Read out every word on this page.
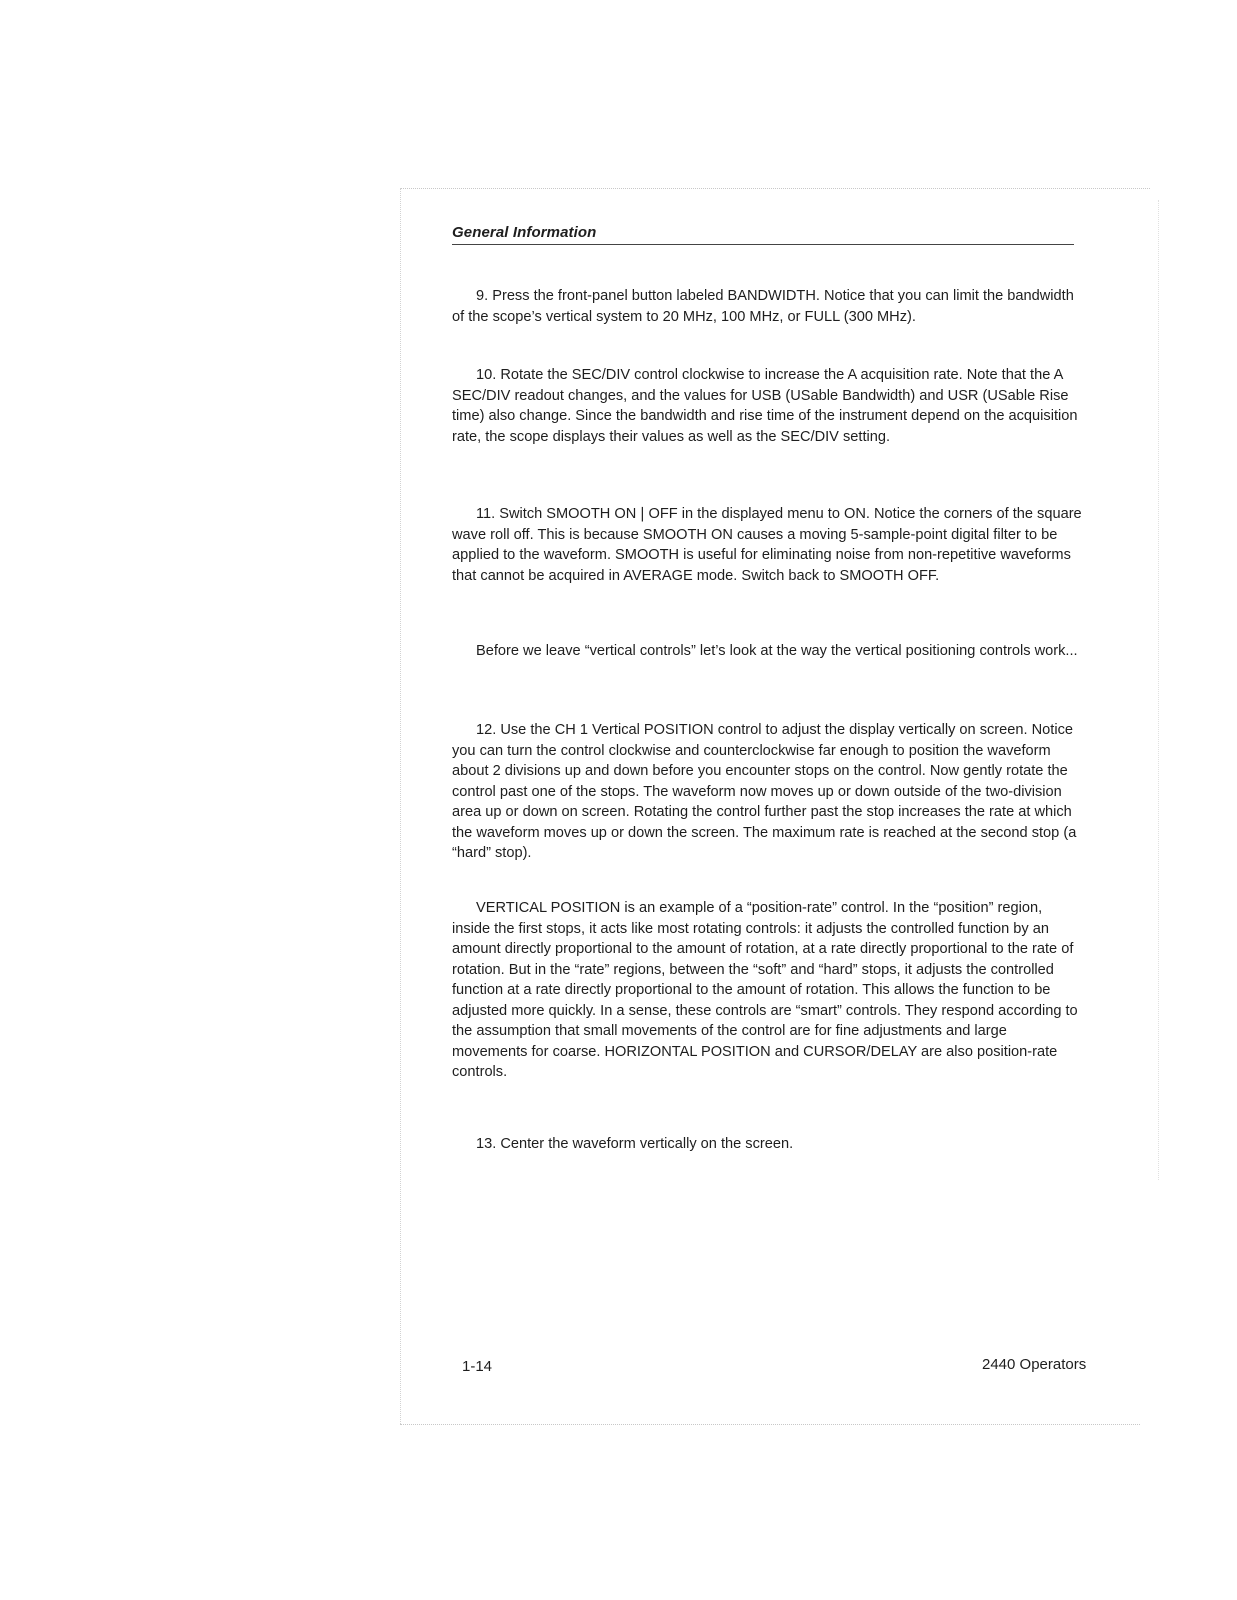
General Information

9. Press the front-panel button labeled BANDWIDTH. Notice that you can limit the bandwidth of the scope’s vertical system to 20 MHz, 100 MHz, or FULL (300 MHz).

10. Rotate the SEC/DIV control clockwise to increase the A acquisition rate. Note that the A SEC/DIV readout changes, and the values for USB (USable Bandwidth) and USR (USable Rise time) also change. Since the bandwidth and rise time of the instrument depend on the acquisition rate, the scope displays their values as well as the SEC/DIV setting.

11. Switch SMOOTH ON❘OFF in the displayed menu to ON. Notice the corners of the square wave roll off. This is because SMOOTH ON causes a moving 5-sample-point digital filter to be applied to the waveform. SMOOTH is useful for eliminating noise from non-repetitive waveforms that cannot be acquired in AVERAGE mode. Switch back to SMOOTH OFF.

Before we leave “vertical controls” let’s look at the way the vertical positioning controls work...

12. Use the CH 1 Vertical POSITION control to adjust the display vertically on screen. Notice you can turn the control clockwise and counterclockwise far enough to position the waveform about 2 divisions up and down before you encounter stops on the control. Now gently rotate the control past one of the stops. The waveform now moves up or down outside of the two-division area up or down on screen. Rotating the control further past the stop increases the rate at which the waveform moves up or down the screen. The maximum rate is reached at the second stop (a “hard” stop).

VERTICAL POSITION is an example of a “position-rate” control. In the “position” region, inside the first stops, it acts like most rotating controls: it adjusts the controlled function by an amount directly proportional to the amount of rotation, at a rate directly proportional to the rate of rotation. But in the “rate” regions, between the “soft” and “hard” stops, it adjusts the controlled function at a rate directly proportional to the amount of rotation. This allows the function to be adjusted more quickly. In a sense, these controls are “smart” controls. They respond according to the assumption that small movements of the control are for fine adjustments and large movements for coarse. HORIZONTAL POSITION and CURSOR/DELAY are also position-rate controls.

13. Center the waveform vertically on the screen.

1-14	2440 Operators
